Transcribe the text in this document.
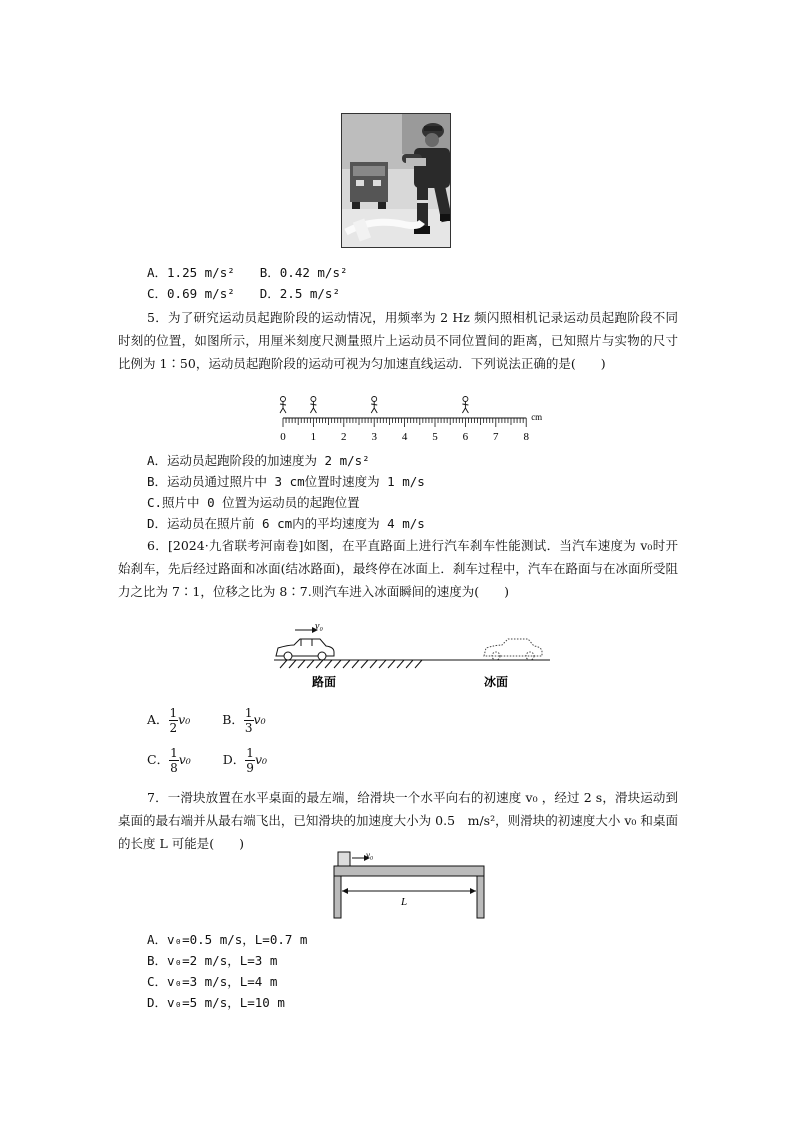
A．1.25 m/s²　　B．0.42 m/s²
C．0.69 m/s²　　D．2.5 m/s²
5．为了研究运动员起跑阶段的运动情况，用频率为 2 Hz 频闪照相机记录运动员起跑阶段不同时刻的位置，如图所示，用厘米刻度尺测量照片上运动员不同位置间的距离，已知照片与实物的尺寸比例为 1∶50，运动员起跑阶段的运动可视为匀加速直线运动．下列说法正确的是(　　)
0 1 2 3 4 5 6 7 8
cm
A．运动员起跑阶段的加速度为 2 m/s²
B．运动员通过照片中 3 cm位置时速度为 1 m/s
C.照片中 0 位置为运动员的起跑位置
D．运动员在照片前 6 cm内的平均速度为 4 m/s
6．[2024·九省联考河南卷]如图，在平直路面上进行汽车刹车性能测试．当汽车速度为 v₀时开始刹车，先后经过路面和冰面(结冰路面)，最终停在冰面上．刹车过程中，汽车在路面与在冰面所受阻力之比为 7∶1，位移之比为 8∶7.则汽车进入冰面瞬间的速度为(　　)
v₀
路面	冰面
A． $\frac{1}{2} v_0$	B． $\frac{1}{3} v_0$
C． $\frac{1}{8} v_0$	D． $\frac{1}{9} v_0$
7．一滑块放置在水平桌面的最左端，给滑块一个水平向右的初速度 v₀ ，经过 2 s，滑块运动到桌面的最右端并从最右端飞出，已知滑块的加速度大小为 0.5　m/s²，则滑块的初速度大小 v₀ 和桌面的长度 L 可能是(　　)
v₀
L
A．v₀=0.5 m/s，L=0.7 m
B．v₀=2 m/s，L=3 m
C．v₀=3 m/s，L=4 m
D．v₀=5 m/s，L=10 m
